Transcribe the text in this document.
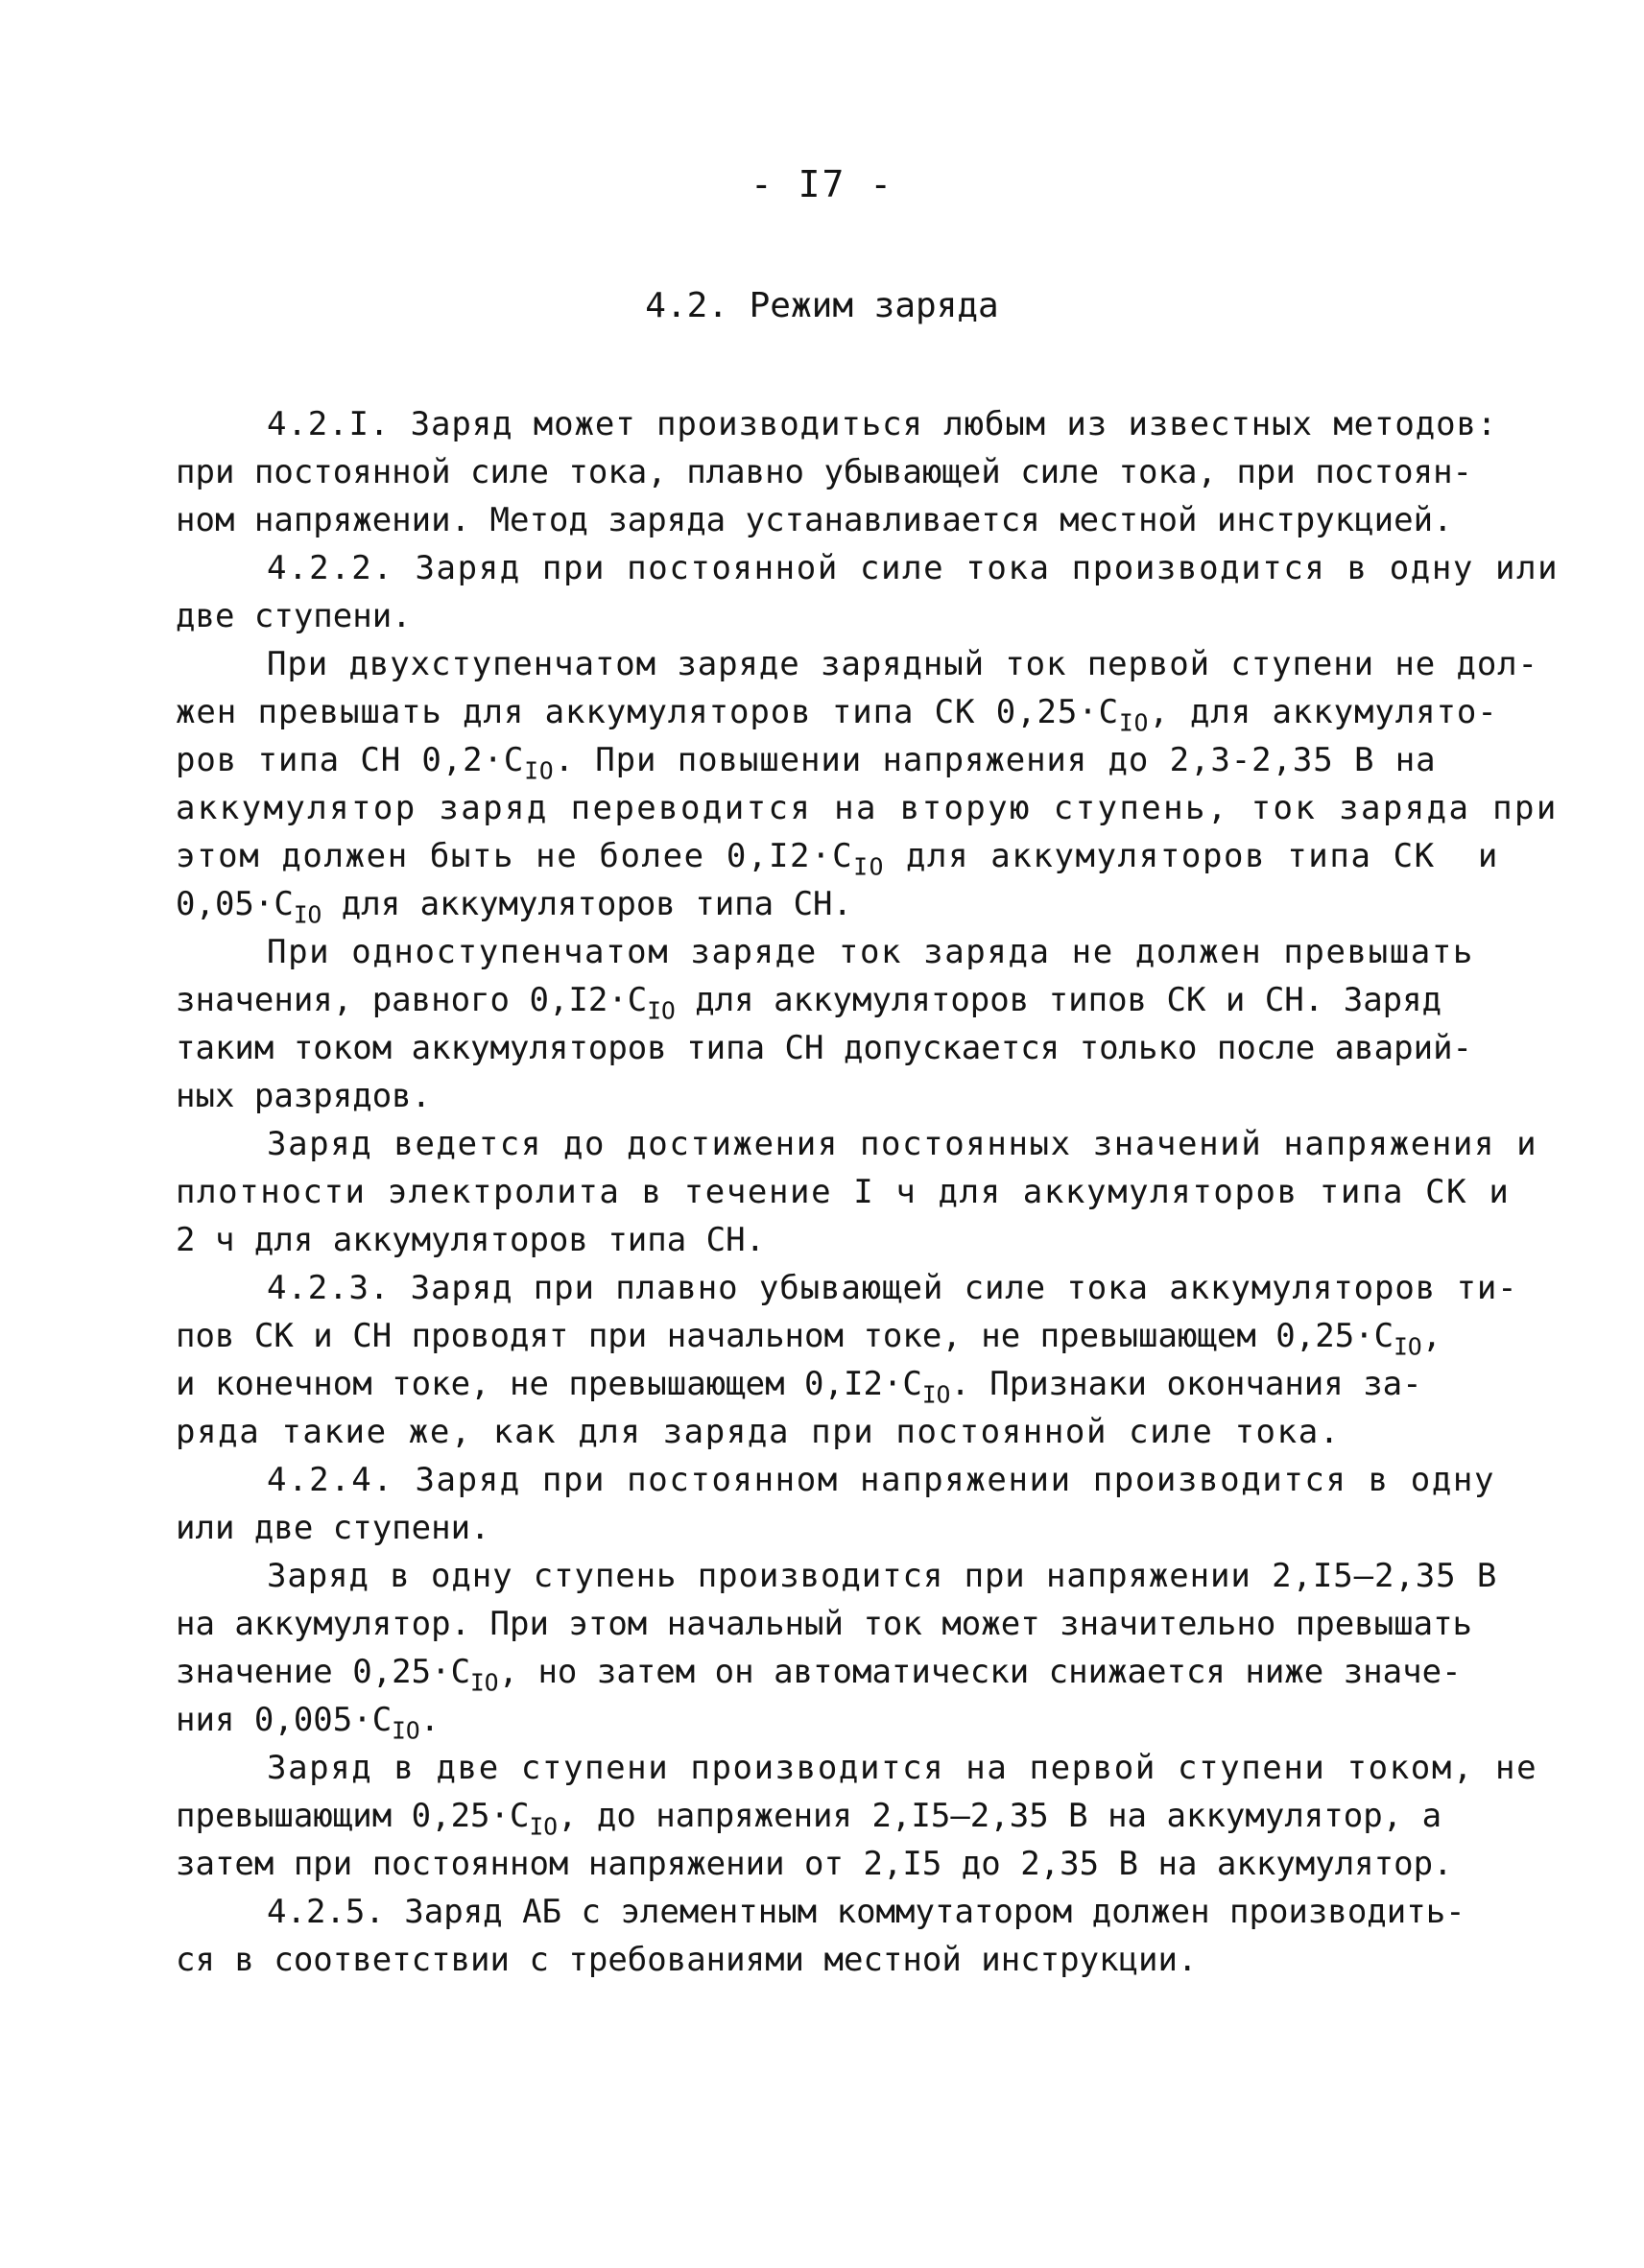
- I7 -
4.2. Режим заряда
4.2.I. Заряд может производиться любым из известных методов:
при постоянной силе тока, плавно убывающей силе тока, при постоян-
ном напряжении. Метод заряда устанавливается местной инструкцией.
4.2.2. Заряд при постоянной силе тока производится в одну или
две ступени.
При двухступенчатом заряде зарядный ток первой ступени не дол-
жен превышать для аккумуляторов типа СК $0,25\cdot C_{IO}$, для аккумулято-
ров типа СН $0,2\cdot C_{IO}$. При повышении напряжения до 2,3-2,35 В на
аккумулятор заряд переводится на вторую ступень, ток заряда при
этом должен быть не более $0,I2\cdot C_{IO}$ для аккумуляторов типа СК  и
$0,05\cdot C_{IO}$ для аккумуляторов типа СН.
При одноступенчатом заряде ток заряда не должен превышать
значения, равного $0,I2\cdot C_{IO}$ для аккумуляторов типов СК и СН. Заряд
таким током аккумуляторов типа СН допускается только после аварий-
ных разрядов.
Заряд ведется до достижения постоянных значений напряжения и
плотности электролита в течение I ч для аккумуляторов типа СК и
2 ч для аккумуляторов типа СН.
4.2.3. Заряд при плавно убывающей силе тока аккумуляторов ти-
пов СК и СН проводят при начальном токе, не превышающем $0,25\cdot C_{IO}$,
и конечном токе, не превышающем $0,I2\cdot C_{IO}$. Признаки окончания за-
ряда такие же, как для заряда при постоянной силе тока.
4.2.4. Заряд при постоянном напряжении производится в одну
или две ступени.
Заряд в одну ступень производится при напряжении 2,I5–2,35 В
на аккумулятор. При этом начальный ток может значительно превышать
значение $0,25\cdot C_{IO}$, но затем он автоматически снижается ниже значе-
ния $0,005\cdot C_{IO}$.
Заряд в две ступени производится на первой ступени током, не
превышающим $0,25\cdot C_{IO}$, до напряжения 2,I5–2,35 В на аккумулятор, а
затем при постоянном напряжении от 2,I5 до 2,35 В на аккумулятор.
4.2.5. Заряд АБ с элементным коммутатором должен производить-
ся в соответствии с требованиями местной инструкции.
